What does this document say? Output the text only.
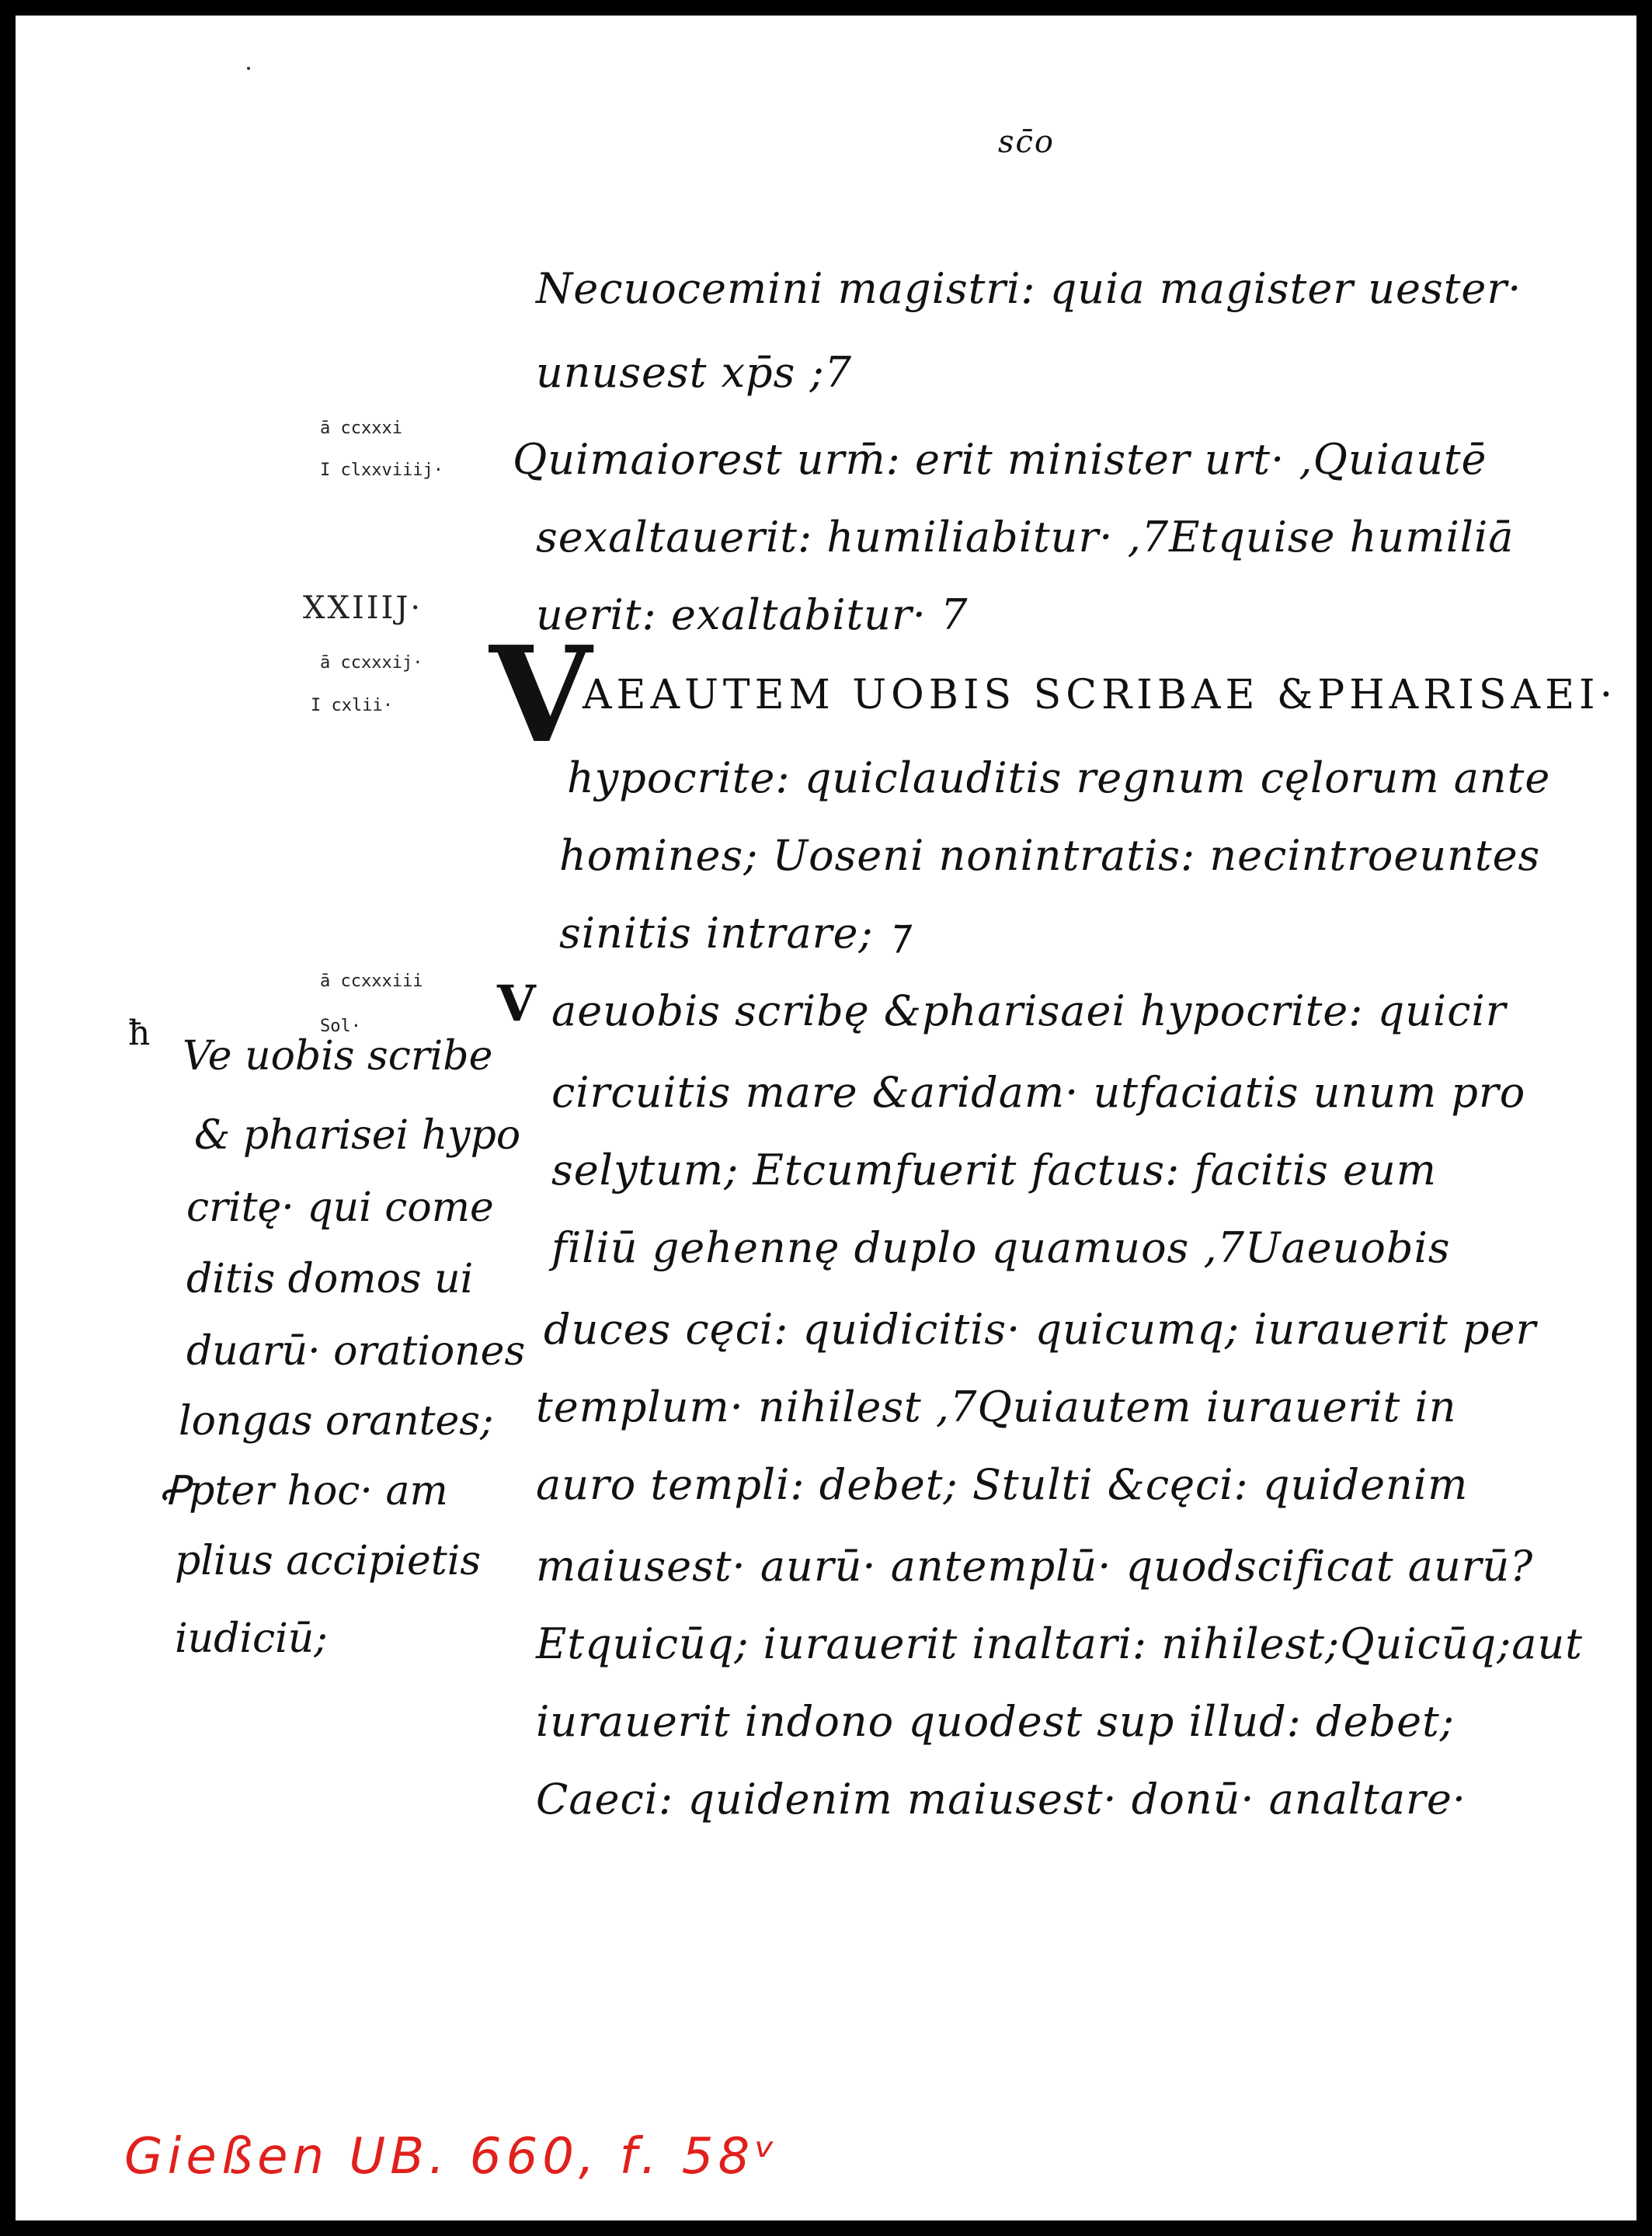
sc̄o
Necuocemini magistri: quia magister uester·
unusest xp̄s ;7
Quimaiorest urm̄: erit minister urt· ,Quiautē
sexaltauerit: humiliabitur· ,7Etquise humiliā
uerit: exaltabitur· 7
V
AEAUTEM UOBIS SCRIBAE &PHARISAEI·
hypocrite: quiclauditis regnum cęlorum ante
homines; Uoseni nonintratis: necintroeuntes
sinitis intrare; ⁊
V aeuobis scribę &pharisaei hypocrite: quicir
circuitis mare &aridam· utfaciatis unum pro
selytum; Etcumfuerit factus: facitis eum
filiū gehennę duplo quamuos ,7Uaeuobis
duces cęci: quidicitis· quicumq; iurauerit per
templum· nihilest ,7Quiautem iurauerit in
auro templi: debet; Stulti &cęci: quidenim
maiusest· aurū· antemplū· quodscificat aurū?
Etquicūq; iurauerit inaltari: nihilest;Quicūq;aut
iurauerit indono quodest sup illud: debet;
Caeci: quidenim maiusest· donū· analtare·
ā ccxxxi
I clxxviiij·
XXIIIJ·
ā ccxxxij·
I cxlii·
ā ccxxxiii
Sol·
ħ Ve uobis scribe
& pharisei hypo
critę· qui come
ditis domos ui
duarū· orationes
longas orantes;
Ꝓpter hoc· am
plius accipietis
iudiciū;
Gießen UB. 660, f. 58ᵛ
